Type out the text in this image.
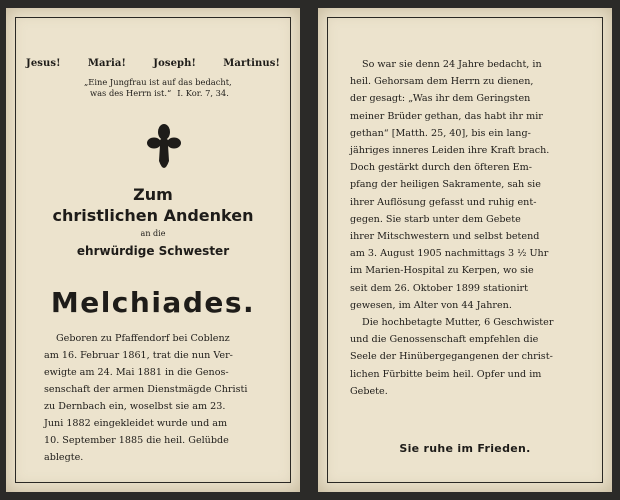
Jesus!	Maria!	Joseph!	Martinus!
„Eine Jungfrau ist auf das bedacht,
was des Herrn ist.“ I. Kor. 7, 34.
Zum
christlichen Andenken
an die
ehrwürdige Schwester
Melchiades.
Geboren zu Pfaffendorf bei Coblenz
am 16. Februar 1861, trat die nun Ver-
ewigte am 24. Mai 1881 in die Genos-
senschaft der armen Dienstmägde Christi
zu Dernbach ein, woselbst sie am 23.
Juni 1882 eingekleidet wurde und am
10. September 1885 die heil. Gelübde
ablegte.
So war sie denn 24 Jahre bedacht, in
heil. Gehorsam dem Herrn zu dienen,
der gesagt: „Was ihr dem Geringsten
meiner Brüder gethan, das habt ihr mir
gethan“ [Matth. 25, 40], bis ein lang-
jähriges inneres Leiden ihre Kraft brach.
Doch gestärkt durch den öfteren Em-
pfang der heiligen Sakramente, sah sie
ihrer Auflösung gefasst und ruhig ent-
gegen. Sie starb unter dem Gebete
ihrer Mitschwestern und selbst betend
am 3. August 1905 nachmittags 3 ½ Uhr
im Marien-Hospital zu Kerpen, wo sie
seit dem 26. Oktober 1899 stationirt
gewesen, im Alter von 44 Jahren.
Die hochbetagte Mutter, 6 Geschwister
und die Genossenschaft empfehlen die
Seele der Hinübergegangenen der christ-
lichen Fürbitte beim heil. Opfer und im
Gebete.
Sie ruhe im Frieden.
